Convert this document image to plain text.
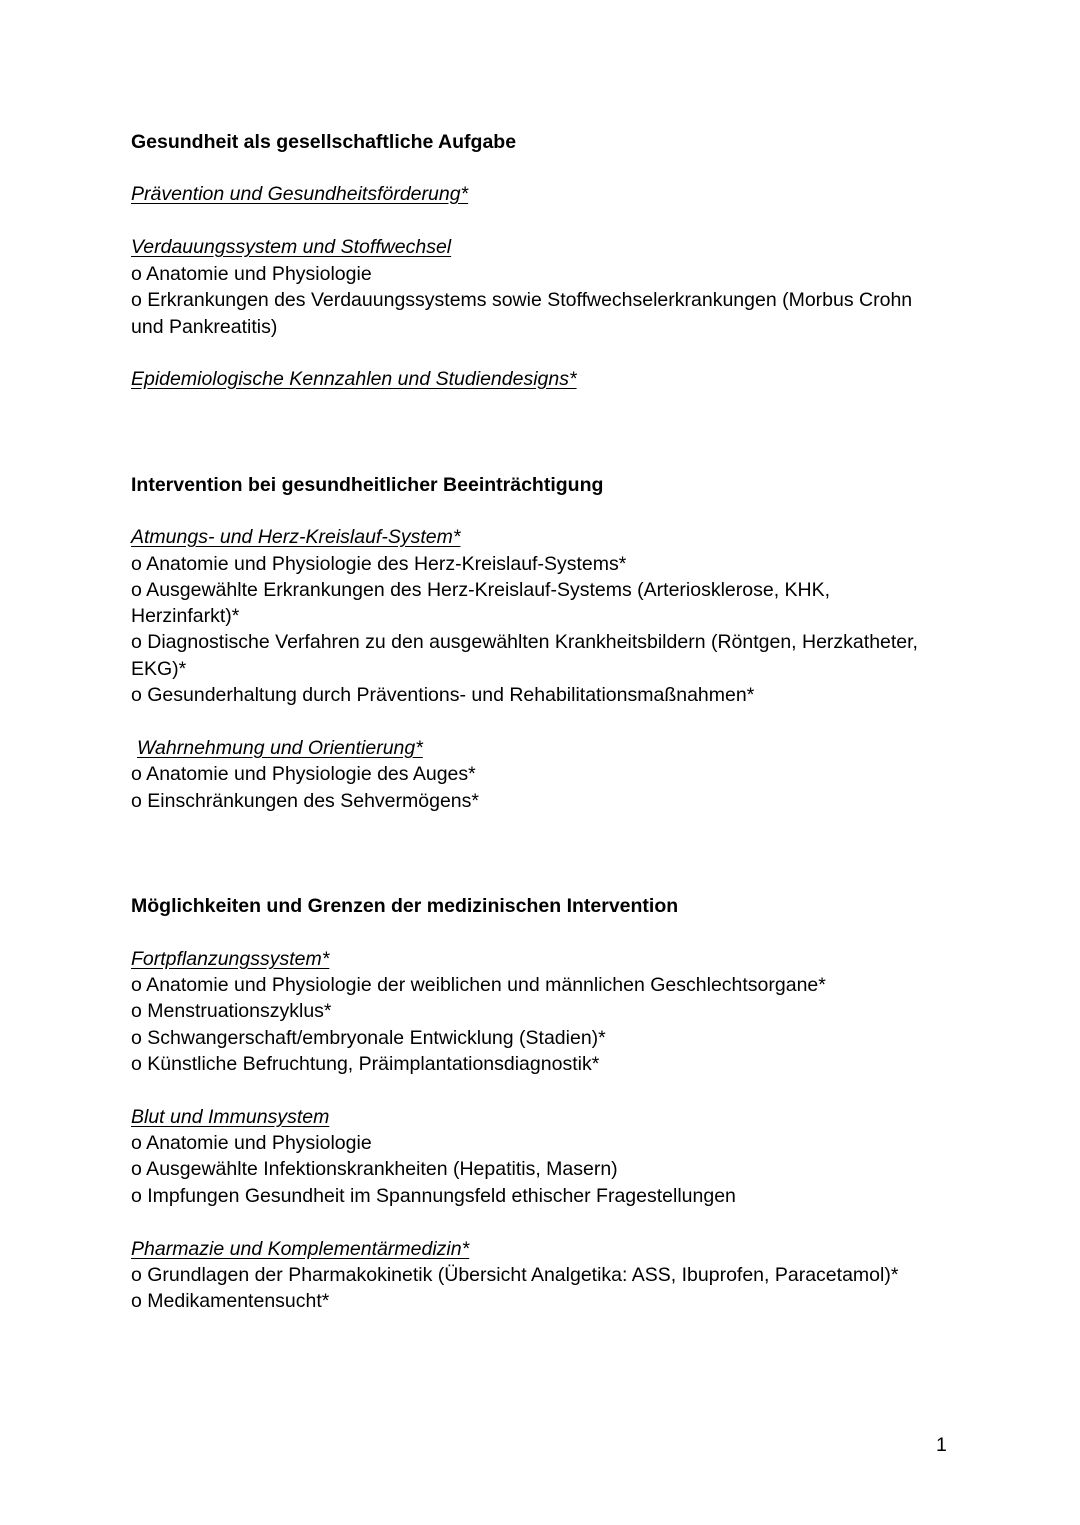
Gesundheit als gesellschaftliche Aufgabe
Prävention und Gesundheitsförderung*
Verdauungssystem und Stoffwechsel
o Anatomie und Physiologie
o Erkrankungen des Verdauungssystems sowie Stoffwechselerkrankungen (Morbus Crohn
und Pankreatitis)
Epidemiologische Kennzahlen und Studiendesigns*
Intervention bei gesundheitlicher Beeinträchtigung
Atmungs- und Herz-Kreislauf-System*
o Anatomie und Physiologie des Herz-Kreislauf-Systems*
o Ausgewählte Erkrankungen des Herz-Kreislauf-Systems (Arteriosklerose, KHK,
Herzinfarkt)*
o Diagnostische Verfahren zu den ausgewählten Krankheitsbildern (Röntgen, Herzkatheter,
EKG)*
o Gesunderhaltung durch Präventions- und Rehabilitationsmaßnahmen*
Wahrnehmung und Orientierung*
o Anatomie und Physiologie des Auges*
o Einschränkungen des Sehvermögens*
Möglichkeiten und Grenzen der medizinischen Intervention
Fortpflanzungssystem*
o Anatomie und Physiologie der weiblichen und männlichen Geschlechtsorgane*
o Menstruationszyklus*
o Schwangerschaft/embryonale Entwicklung (Stadien)*
o Künstliche Befruchtung, Präimplantationsdiagnostik*
Blut und Immunsystem
o Anatomie und Physiologie
o Ausgewählte Infektionskrankheiten (Hepatitis, Masern)
o Impfungen Gesundheit im Spannungsfeld ethischer Fragestellungen
Pharmazie und Komplementärmedizin*
o Grundlagen der Pharmakokinetik (Übersicht Analgetika: ASS, Ibuprofen, Paracetamol)*
o Medikamentensucht*
1
